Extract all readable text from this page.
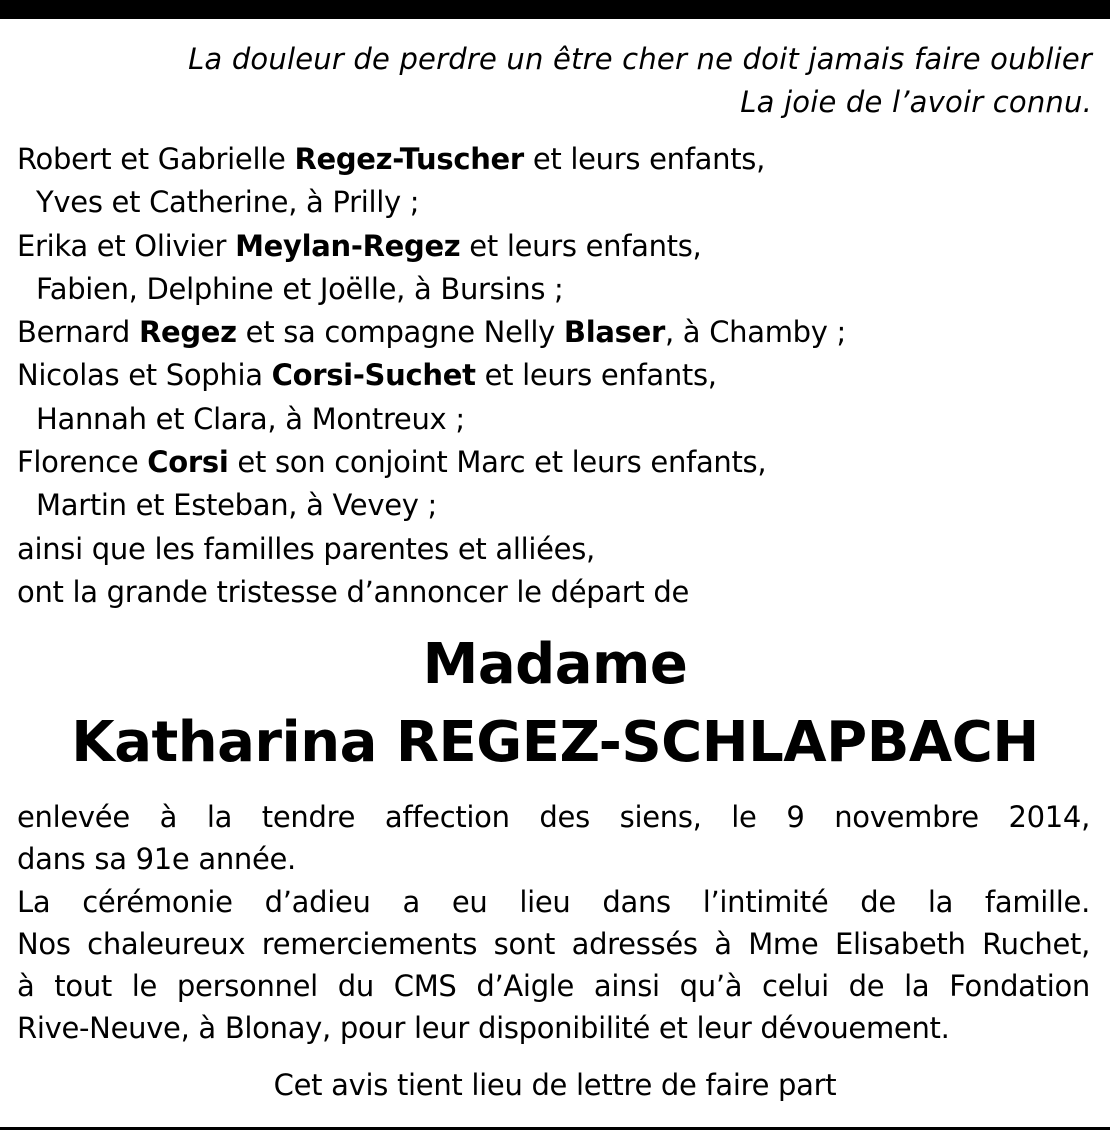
La douleur de perdre un être cher ne doit jamais faire oublier
La joie de l’avoir connu.
Robert et Gabrielle Regez-Tuscher et leurs enfants,
Yves et Catherine, à Prilly ;
Erika et Olivier Meylan-Regez et leurs enfants,
Fabien, Delphine et Joëlle, à Bursins ;
Bernard Regez et sa compagne Nelly Blaser, à Chamby ;
Nicolas et Sophia Corsi-Suchet et leurs enfants,
Hannah et Clara, à Montreux ;
Florence Corsi et son conjoint Marc et leurs enfants,
Martin et Esteban, à Vevey ;
ainsi que les familles parentes et alliées,
ont la grande tristesse d’annoncer le départ de
Madame
Katharina REGEZ-SCHLAPBACH
enlevée à la tendre affection des siens, le 9 novembre 2014,
dans sa 91e année.
La cérémonie d’adieu a eu lieu dans l’intimité de la famille.
Nos chaleureux remerciements sont adressés à Mme Elisabeth Ruchet,
à tout le personnel du CMS d’Aigle ainsi qu’à celui de la Fondation
Rive-Neuve, à Blonay, pour leur disponibilité et leur dévouement.
Cet avis tient lieu de lettre de faire part
